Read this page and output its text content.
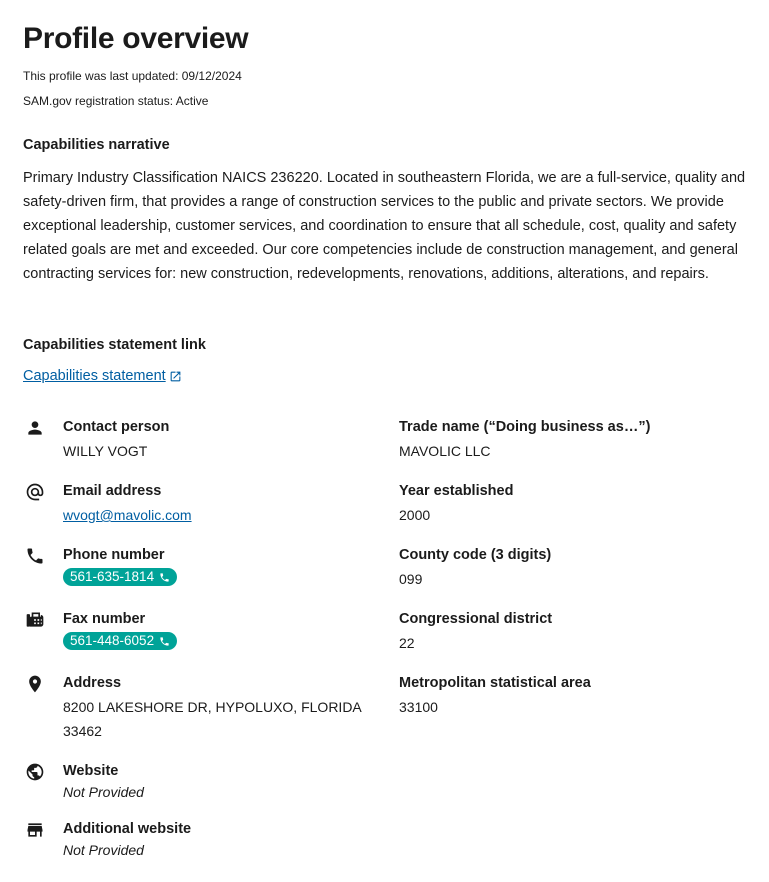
Profile overview
This profile was last updated: 09/12/2024
SAM.gov registration status: Active
Capabilities narrative

Primary Industry Classification NAICS 236220. Located in southeastern Florida, we are a full-service, quality and safety-driven firm, that provides a range of construction services to the public and private sectors. We provide exceptional leadership, customer services, and coordination to ensure that all schedule, cost, quality and safety related goals are met and exceeded. Our core competencies include de construction management, and general contracting services for: new construction, redevelopments, renovations, additions, alterations, and repairs.

Capabilities statement link
Capabilities statement
Contact person
WILLY VOGT
Email address
wvogt@mavolic.com
Phone number
561-635-1814
Fax number
561-448-6052
Address
8200 LAKESHORE DR, HYPOLUXO, FLORIDA
33462
Website
Not Provided
Additional website
Not Provided
Trade name (“Doing business as…”)
MAVOLIC LLC
Year established
2000
County code (3 digits)
099
Congressional district
22
Metropolitan statistical area
33100
